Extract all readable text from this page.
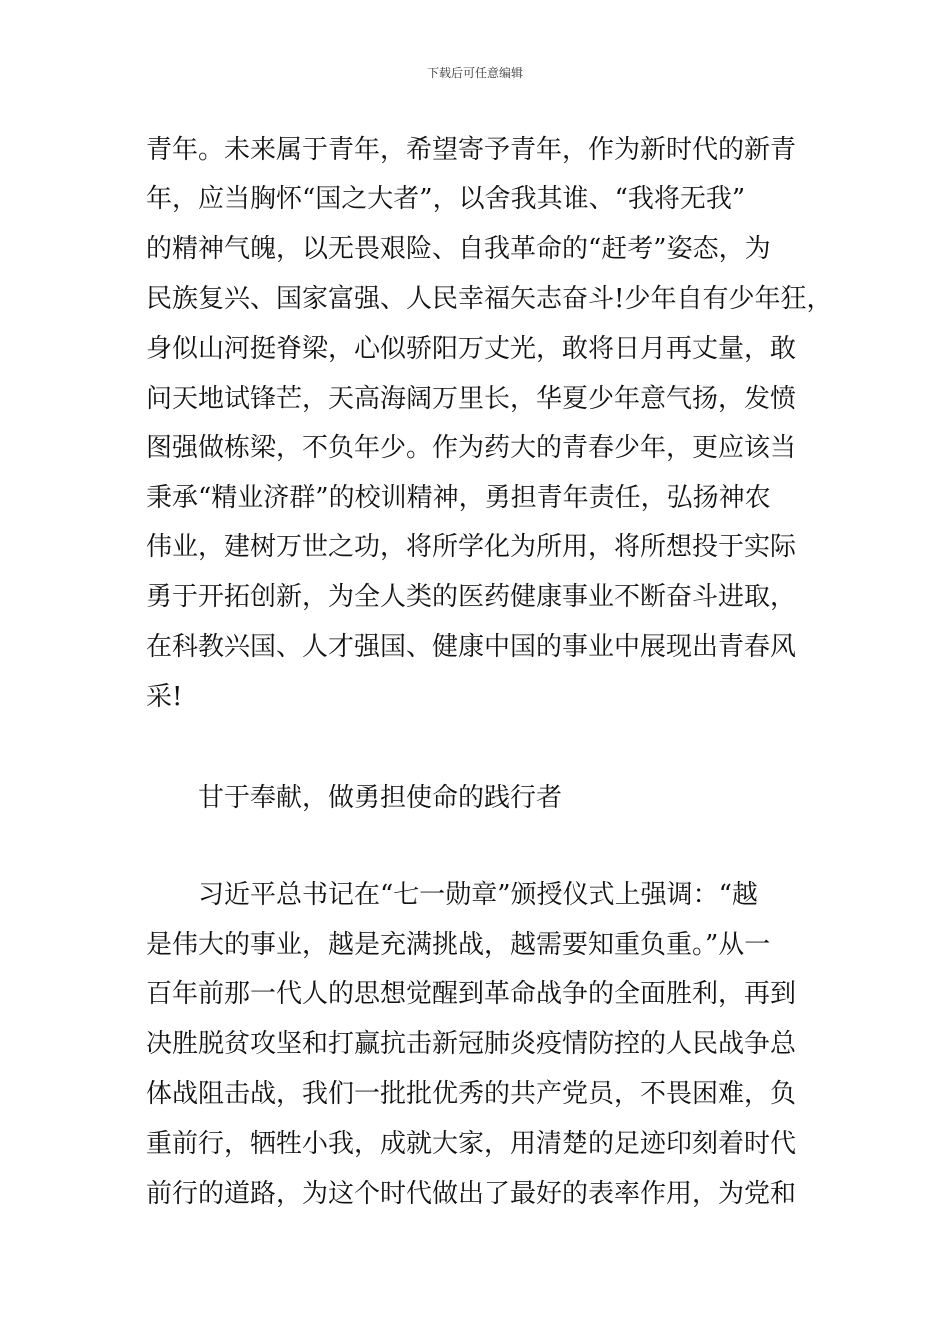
下载后可任意编辑
青年。未来属于青年，希望寄予青年，作为新时代的新青
年，应当胸怀“国之大者”，以舍我其谁、“我将无我”
的精神气魄，以无畏艰险、自我革命的“赶考”姿态，为
民族复兴、国家富强、人民幸福矢志奋斗!少年自有少年狂，
身似山河挺脊梁，心似骄阳万丈光，敢将日月再丈量，敢
问天地试锋芒，天高海阔万里长，华夏少年意气扬，发愤
图强做栋梁，不负年少。作为药大的青春少年，更应该当
秉承“精业济群”的校训精神，勇担青年责任，弘扬神农
伟业，建树万世之功，将所学化为所用，将所想投于实际
勇于开拓创新，为全人类的医药健康事业不断奋斗进取，
在科教兴国、人才强国、健康中国的事业中展现出青春风
采!
甘于奉献，做勇担使命的践行者
习近平总书记在“七一勋章”颁授仪式上强调：“越
是伟大的事业，越是充满挑战，越需要知重负重。”从一
百年前那一代人的思想觉醒到革命战争的全面胜利，再到
决胜脱贫攻坚和打赢抗击新冠肺炎疫情防控的人民战争总
体战阻击战，我们一批批优秀的共产党员，不畏困难，负
重前行，牺牲小我，成就大家，用清楚的足迹印刻着时代
前行的道路，为这个时代做出了最好的表率作用，为党和
